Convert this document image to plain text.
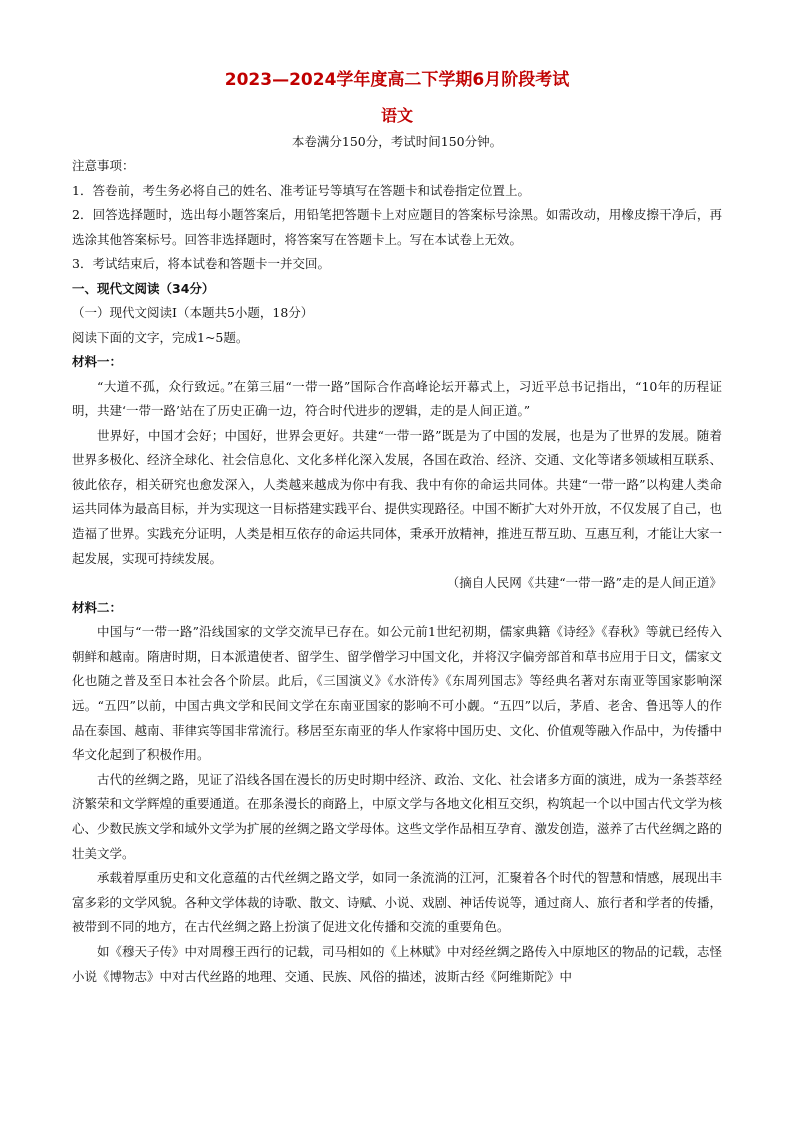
2023—2024学年度高二下学期6月阶段考试
语文

本卷满分150分，考试时间150分钟。

注意事项：

1．答卷前，考生务必将自己的姓名、准考证号等填写在答题卡和试卷指定位置上。

2．回答选择题时，选出每小题答案后，用铅笔把答题卡上对应题目的答案标号涂黑。如需改动，用橡皮擦干净后，再选涂其他答案标号。回答非选择题时，将答案写在答题卡上。写在本试卷上无效。

3．考试结束后，将本试卷和答题卡一并交回。

一、现代文阅读（34分）

（一）现代文阅读Ⅰ（本题共5小题，18分）

阅读下面的文字，完成1~5题。

材料一：

“大道不孤，众行致远。”在第三届“一带一路”国际合作高峰论坛开幕式上，习近平总书记指出，“10年的历程证明，共建‘一带一路’站在了历史正确一边，符合时代进步的逻辑，走的是人间正道。”

世界好，中国才会好；中国好，世界会更好。共建“一带一路”既是为了中国的发展，也是为了世界的发展。随着世界多极化、经济全球化、社会信息化、文化多样化深入发展，各国在政治、经济、交通、文化等诸多领域相互联系、彼此依存，相关研究也愈发深入，人类越来越成为你中有我、我中有你的命运共同体。共建“一带一路”以构建人类命运共同体为最高目标，并为实现这一目标搭建实践平台、提供实现路径。中国不断扩大对外开放，不仅发展了自己，也造福了世界。实践充分证明，人类是相互依存的命运共同体，秉承开放精神，推进互帮互助、互惠互利，才能让大家一起发展，实现可持续发展。

（摘自人民网《共建“一带一路”走的是人间正道》

材料二：

中国与“一带一路”沿线国家的文学交流早已存在。如公元前1世纪初期，儒家典籍《诗经》《春秋》等就已经传入朝鲜和越南。隋唐时期，日本派遣使者、留学生、留学僧学习中国文化，并将汉字偏旁部首和草书应用于日文，儒家文化也随之普及至日本社会各个阶层。此后，《三国演义》《水浒传》《东周列国志》等经典名著对东南亚等国家影响深远。“五四”以前，中国古典文学和民间文学在东南亚国家的影响不可小觑。“五四”以后，茅盾、老舍、鲁迅等人的作品在泰国、越南、菲律宾等国非常流行。移居至东南亚的华人作家将中国历史、文化、价值观等融入作品中，为传播中华文化起到了积极作用。

古代的丝绸之路，见证了沿线各国在漫长的历史时期中经济、政治、文化、社会诸多方面的演进，成为一条荟萃经济繁荣和文学辉煌的重要通道。在那条漫长的商路上，中原文学与各地文化相互交织，构筑起一个以中国古代文学为核心、少数民族文学和域外文学为扩展的丝绸之路文学母体。这些文学作品相互孕育、激发创造，滋养了古代丝绸之路的壮美文学。

承载着厚重历史和文化意蕴的古代丝绸之路文学，如同一条流淌的江河，汇聚着各个时代的智慧和情感，展现出丰富多彩的文学风貌。各种文学体裁的诗歌、散文、诗赋、小说、戏剧、神话传说等，通过商人、旅行者和学者的传播，被带到不同的地方，在古代丝绸之路上扮演了促进文化传播和交流的重要角色。

如《穆天子传》中对周穆王西行的记载，司马相如的《上林赋》中对经丝绸之路传入中原地区的物品的记载，志怪小说《博物志》中对古代丝路的地理、交通、民族、风俗的描述，波斯古经《阿维斯陀》中
